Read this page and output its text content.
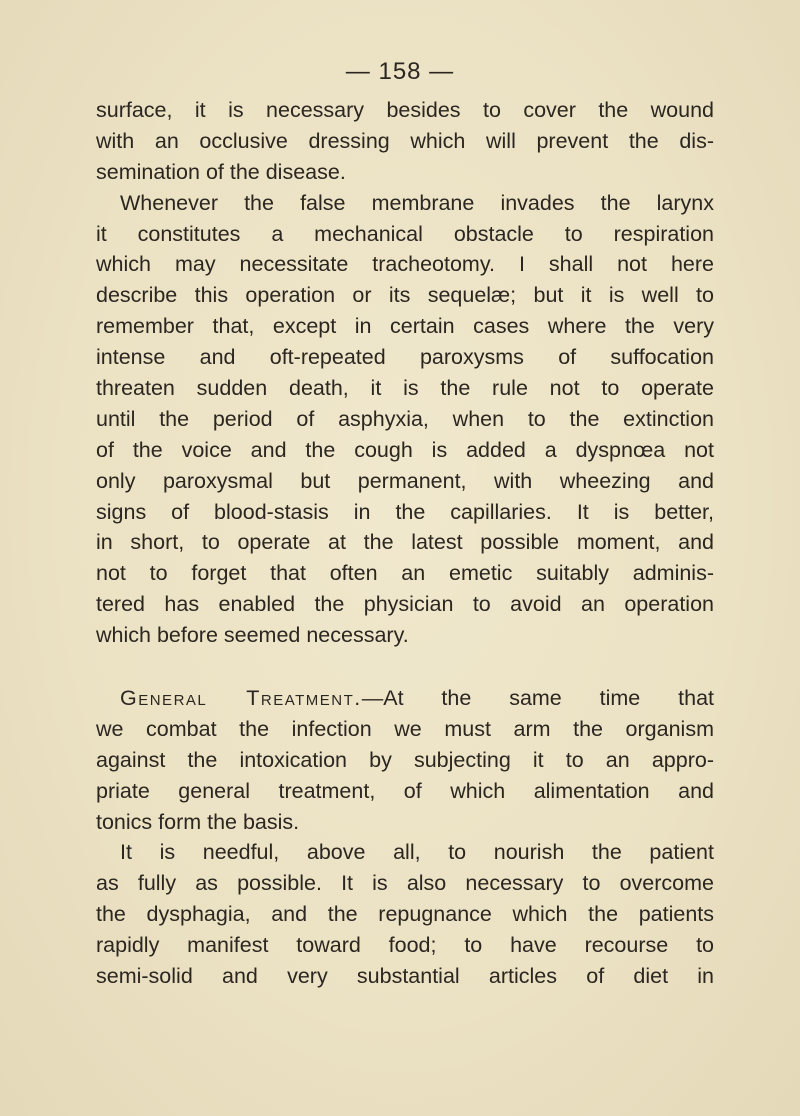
— 158 —
surface, it is necessary besides to cover the wound
with an occlusive dressing which will prevent the dis-
semination of the disease.
Whenever the false membrane invades the larynx
it constitutes a mechanical obstacle to respiration
which may necessitate tracheotomy. I shall not here
describe this operation or its sequelæ; but it is well to
remember that, except in certain cases where the very
intense and oft-repeated paroxysms of suffocation
threaten sudden death, it is the rule not to operate
until the period of asphyxia, when to the extinction
of the voice and the cough is added a dyspnœa not
only paroxysmal but permanent, with wheezing and
signs of blood-stasis in the capillaries. It is better,
in short, to operate at the latest possible moment, and
not to forget that often an emetic suitably adminis-
tered has enabled the physician to avoid an operation
which before seemed necessary.
General Treatment.—At the same time that
we combat the infection we must arm the organism
against the intoxication by subjecting it to an appro-
priate general treatment, of which alimentation and
tonics form the basis.
It is needful, above all, to nourish the patient
as fully as possible. It is also necessary to overcome
the dysphagia, and the repugnance which the patients
rapidly manifest toward food; to have recourse to
semi-solid and very substantial articles of diet in
